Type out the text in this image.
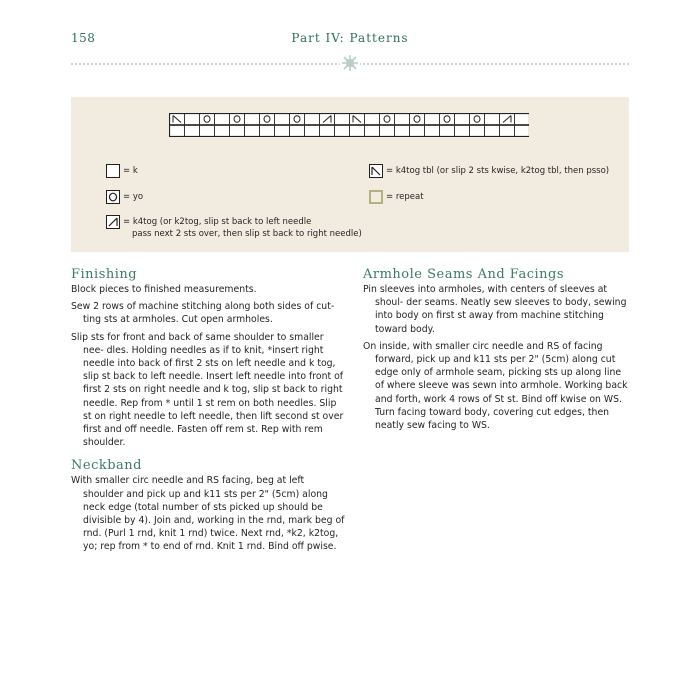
158	Part IV: Patterns
= k
= yo
= k4tog (or k2tog, slip st back to left needle
pass next 2 sts over, then slip st back to right needle)
= k4tog tbl (or slip 2 sts kwise, k2tog tbl, then psso)
= repeat
Finishing

Block pieces to finished measurements.

Sew 2 rows of machine stitching along both sides of cut- ting sts at armholes. Cut open armholes.

Slip sts for front and back of same shoulder to smaller nee- dles. Holding needles as if to knit, *insert right needle into back of first 2 sts on left needle and k tog, slip st back to left needle. Insert left needle into front of first 2 sts on right needle and k tog, slip st back to right needle. Rep from * until 1 st rem on both needles. Slip st on right needle to left needle, then lift second st over first and off needle. Fasten off rem st. Rep with rem shoulder.

Neckband

With smaller circ needle and RS facing, beg at left shoulder and pick up and k11 sts per 2" (5cm) along neck edge (total number of sts picked up should be divisible by 4). Join and, working in the rnd, mark beg of rnd. (Purl 1 rnd, knit 1 rnd) twice. Next rnd, *k2, k2tog, yo; rep from * to end of rnd. Knit 1 rnd. Bind off pwise.

Armhole Seams And Facings

Pin sleeves into armholes, with centers of sleeves at shoul- der seams. Neatly sew sleeves to body, sewing into body on first st away from machine stitching toward body.

On inside, with smaller circ needle and RS of facing forward, pick up and k11 sts per 2" (5cm) along cut edge only of armhole seam, picking sts up along line of where sleeve was sewn into armhole. Working back and forth, work 4 rows of St st. Bind off kwise on WS. Turn facing toward body, covering cut edges, then neatly sew facing to WS.
